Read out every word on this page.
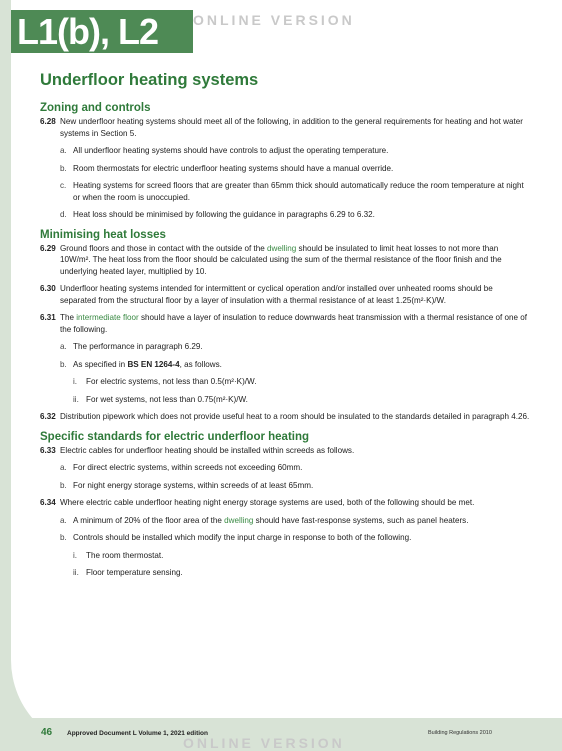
L1(b), L2	ONLINE VERSION
Underfloor heating systems
Zoning and controls
6.28 New underfloor heating systems should meet all of the following, in addition to the general requirements for heating and hot water systems in Section 5.
a. All underfloor heating systems should have controls to adjust the operating temperature.
b. Room thermostats for electric underfloor heating systems should have a manual override.
c. Heating systems for screed floors that are greater than 65mm thick should automatically reduce the room temperature at night or when the room is unoccupied.
d. Heat loss should be minimised by following the guidance in paragraphs 6.29 to 6.32.
Minimising heat losses
6.29 Ground floors and those in contact with the outside of the dwelling should be insulated to limit heat losses to not more than 10W/m². The heat loss from the floor should be calculated using the sum of the thermal resistance of the floor finish and the underlying heated layer, multiplied by 10.
6.30 Underfloor heating systems intended for intermittent or cyclical operation and/or installed over unheated rooms should be separated from the structural floor by a layer of insulation with a thermal resistance of at least 1.25(m²·K)/W.
6.31 The intermediate floor should have a layer of insulation to reduce downwards heat transmission with a thermal resistance of one of the following.
a. The performance in paragraph 6.29.
b. As specified in BS EN 1264-4, as follows.
i.	For electric systems, not less than 0.5(m²·K)/W.
ii. For wet systems, not less than 0.75(m²·K)/W.
6.32 Distribution pipework which does not provide useful heat to a room should be insulated to the standards detailed in paragraph 4.26.
Specific standards for electric underfloor heating
6.33 Electric cables for underfloor heating should be installed within screeds as follows.
a. For direct electric systems, within screeds not exceeding 60mm.
b. For night energy storage systems, within screeds of at least 65mm.
6.34 Where electric cable underfloor heating night energy storage systems are used, both of the following should be met.
a. A minimum of 20% of the floor area of the dwelling should have fast-response systems, such as panel heaters.
b. Controls should be installed which modify the input charge in response to both of the following.
i.	The room thermostat.
ii. Floor temperature sensing.
46 Approved Document L Volume 1, 2021 edition	Building Regulations 2010
ONLINE VERSION
